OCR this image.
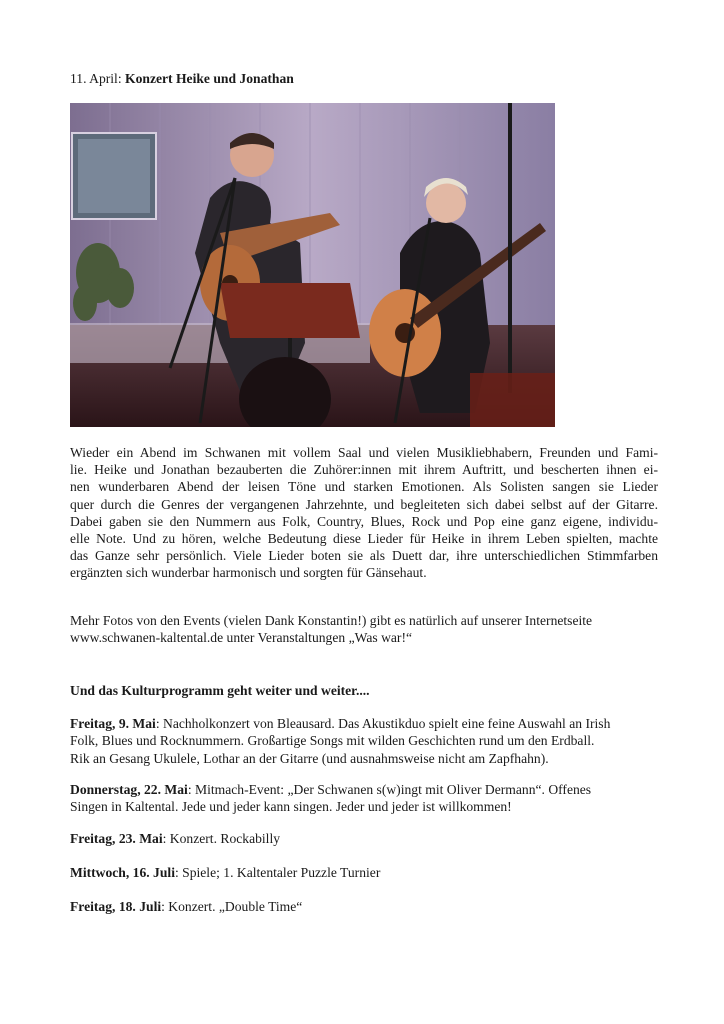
11. April: Konzert Heike und Jonathan
Wieder ein Abend im Schwanen mit vollem Saal und vielen Musikliebhabern, Freunden und Fami-
lie. Heike und Jonathan bezauberten die Zuhörer:innen mit ihrem Auftritt, und bescherten ihnen ei-
nen wunderbaren Abend der leisen Töne und starken Emotionen. Als Solisten sangen sie Lieder
quer durch die Genres der vergangenen Jahrzehnte, und begleiteten sich dabei selbst auf der Gitarre.
Dabei gaben sie den Nummern aus Folk, Country, Blues, Rock und Pop eine ganz eigene, individu-
elle Note. Und zu hören, welche Bedeutung diese Lieder für Heike in ihrem Leben spielten, machte
das Ganze sehr persönlich. Viele Lieder boten sie als Duett dar, ihre unterschiedlichen Stimmfarben
ergänzten sich wunderbar harmonisch und sorgten für Gänsehaut.
Mehr Fotos von den Events (vielen Dank Konstantin!) gibt es natürlich auf unserer Internetseite
www.schwanen-kaltental.de unter Veranstaltungen „Was war!“
Und das Kulturprogramm geht weiter und weiter....
Freitag, 9. Mai: Nachholkonzert von Bleausard. Das Akustikduo spielt eine feine Auswahl an Irish
Folk, Blues und Rocknummern. Großartige Songs mit wilden Geschichten rund um den Erdball.
Rik an Gesang Ukulele, Lothar an der Gitarre (und ausnahmsweise nicht am Zapfhahn).
Donnerstag, 22. Mai: Mitmach-Event: „Der Schwanen s(w)ingt mit Oliver Dermann“. Offenes
Singen in Kaltental. Jede und jeder kann singen. Jeder und jeder ist willkommen!
Freitag, 23. Mai: Konzert. Rockabilly
Mittwoch, 16. Juli: Spiele; 1. Kaltentaler Puzzle Turnier
Freitag, 18. Juli: Konzert. „Double Time“
